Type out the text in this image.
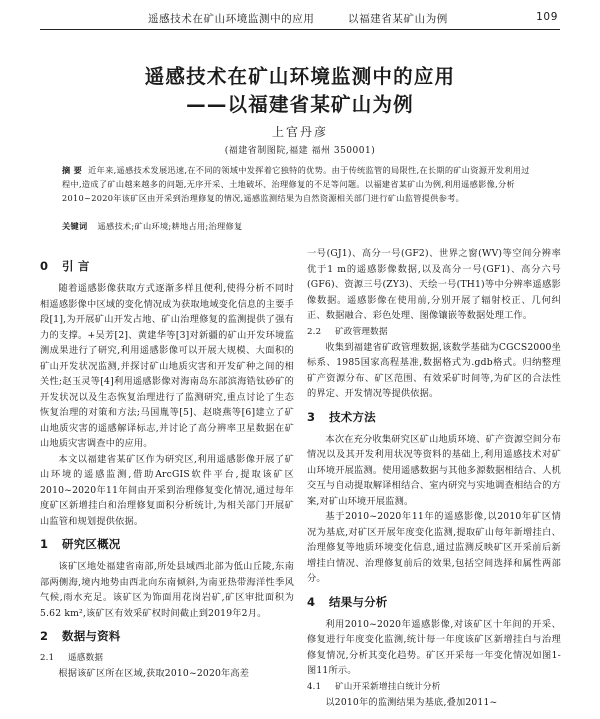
遥感技术在矿山环境监测中的应用	以福建省某矿山为例	109
遥感技术在矿山环境监测中的应用
——以福建省某矿山为例
上官丹彦
(福建省制图院,福建 福州 350001)
摘 要 近年来,遥感技术发展迅速,在不同的领域中发挥着它独特的优势。由于传统监管的局限性,在长期的矿山资源开发利用过程中,造成了矿山越来越多的问题,无序开采、土地破坏、治理修复的不足等问题。以福建省某矿山为例,利用遥感影像,分析2010~2020年该矿区由开采到治理修复的情况,遥感监测结果为自然资源相关部门进行矿山监管提供参考。
关键词 遥感技术;矿山环境;耕地占用;治理修复
0 引 言

随着遥感影像获取方式逐渐多样且便利,使得分析不同时相遥感影像中区域的变化情况成为获取地域变化信息的主要手段[1],为开展矿山开发占地、矿山治理修复的监测提供了强有力的支撑。+吴芳[2]、黄建华等[3]对新疆的矿山开发环境监测成果进行了研究,利用遥感影像可以开展大规模、大面积的矿山开发状况监测,并探讨矿山地质灾害和开发矿种之间的相关性;赵玉灵等[4]利用遥感影像对海南岛东部滨海锆钛砂矿的开发状况以及生态恢复治理进行了监测研究,重点讨论了生态恢复治理的对策和方法;马国胤等[5]、赵晓燕等[6]建立了矿山地质灾害的遥感解译标志,并讨论了高分辨率卫星数据在矿山地质灾害调查中的应用。

本文以福建省某矿区作为研究区,利用遥感影像开展了矿山环境的遥感监测,借助ArcGIS软件平台,提取该矿区2010~2020年11年间由开采到治理修复变化情况,通过每年度矿区新增挂白和治理修复面积分析统计,为相关部门开展矿山监管和规划提供依据。

1 研究区概况

该矿区地处福建省南部,所处县域西北部为低山丘陵,东南部两侧海,境内地势由西北向东南倾斜,为南亚热带海洋性季风气候,雨水充足。该矿区为饰面用花岗岩矿,矿区审批面积为5.62 km²,该矿区有效采矿权时间截止到2019年2月。

2 数据与资料
2.1 遥感数据

根据该矿区所在区域,获取2010~2020年高差

一号(GJ1)、高分一号(GF2)、世界之窗(WV)等空间分辨率优于1 m的遥感影像数据,以及高分一号(GF1)、高分六号(GF6)、资源三号(ZY3)、天绘一号(TH1)等中分辨率遥感影像数据。遥感影像在使用前,分别开展了辐射校正、几何纠正、数据融合、彩色处理、图像镶嵌等数据处理工作。

2.2 矿政管理数据

收集到福建省矿政管理数据,该数学基础为CGCS2000坐标系、1985国家高程基准,数据格式为.gdb格式。归纳整理矿产资源分布、矿区范围、有效采矿时间等,为矿区的合法性的界定、开发情况等提供依据。

3 技术方法

本次在充分收集研究区矿山地质环境、矿产资源空间分布情况以及其开发利用状况等资料的基础上,利用遥感技术对矿山环境开展监测。使用遥感数据与其他多源数据相结合、人机交互与自动提取解译相结合、室内研究与实地调查相结合的方案,对矿山环境开展监测。

基于2010~2020年11年的遥感影像,以2010年矿区情况为基底,对矿区开展年度变化监测,提取矿山每年新增挂白、治理修复等地质环境变化信息,通过监测反映矿区开采前后新增挂白情况、治理修复前后的效果,包括空间选择和属性两部分。

4 结果与分析

利用2010~2020年遥感影像,对该矿区十年间的开采、修复进行年度变化监测,统计每一年度该矿区新增挂白与治理修复情况,分析其变化趋势。矿区开采每一年变化情况如图1-图11所示。

4.1 矿山开采新增挂白统计分析

以2010年的监测结果为基底,叠加2011~
